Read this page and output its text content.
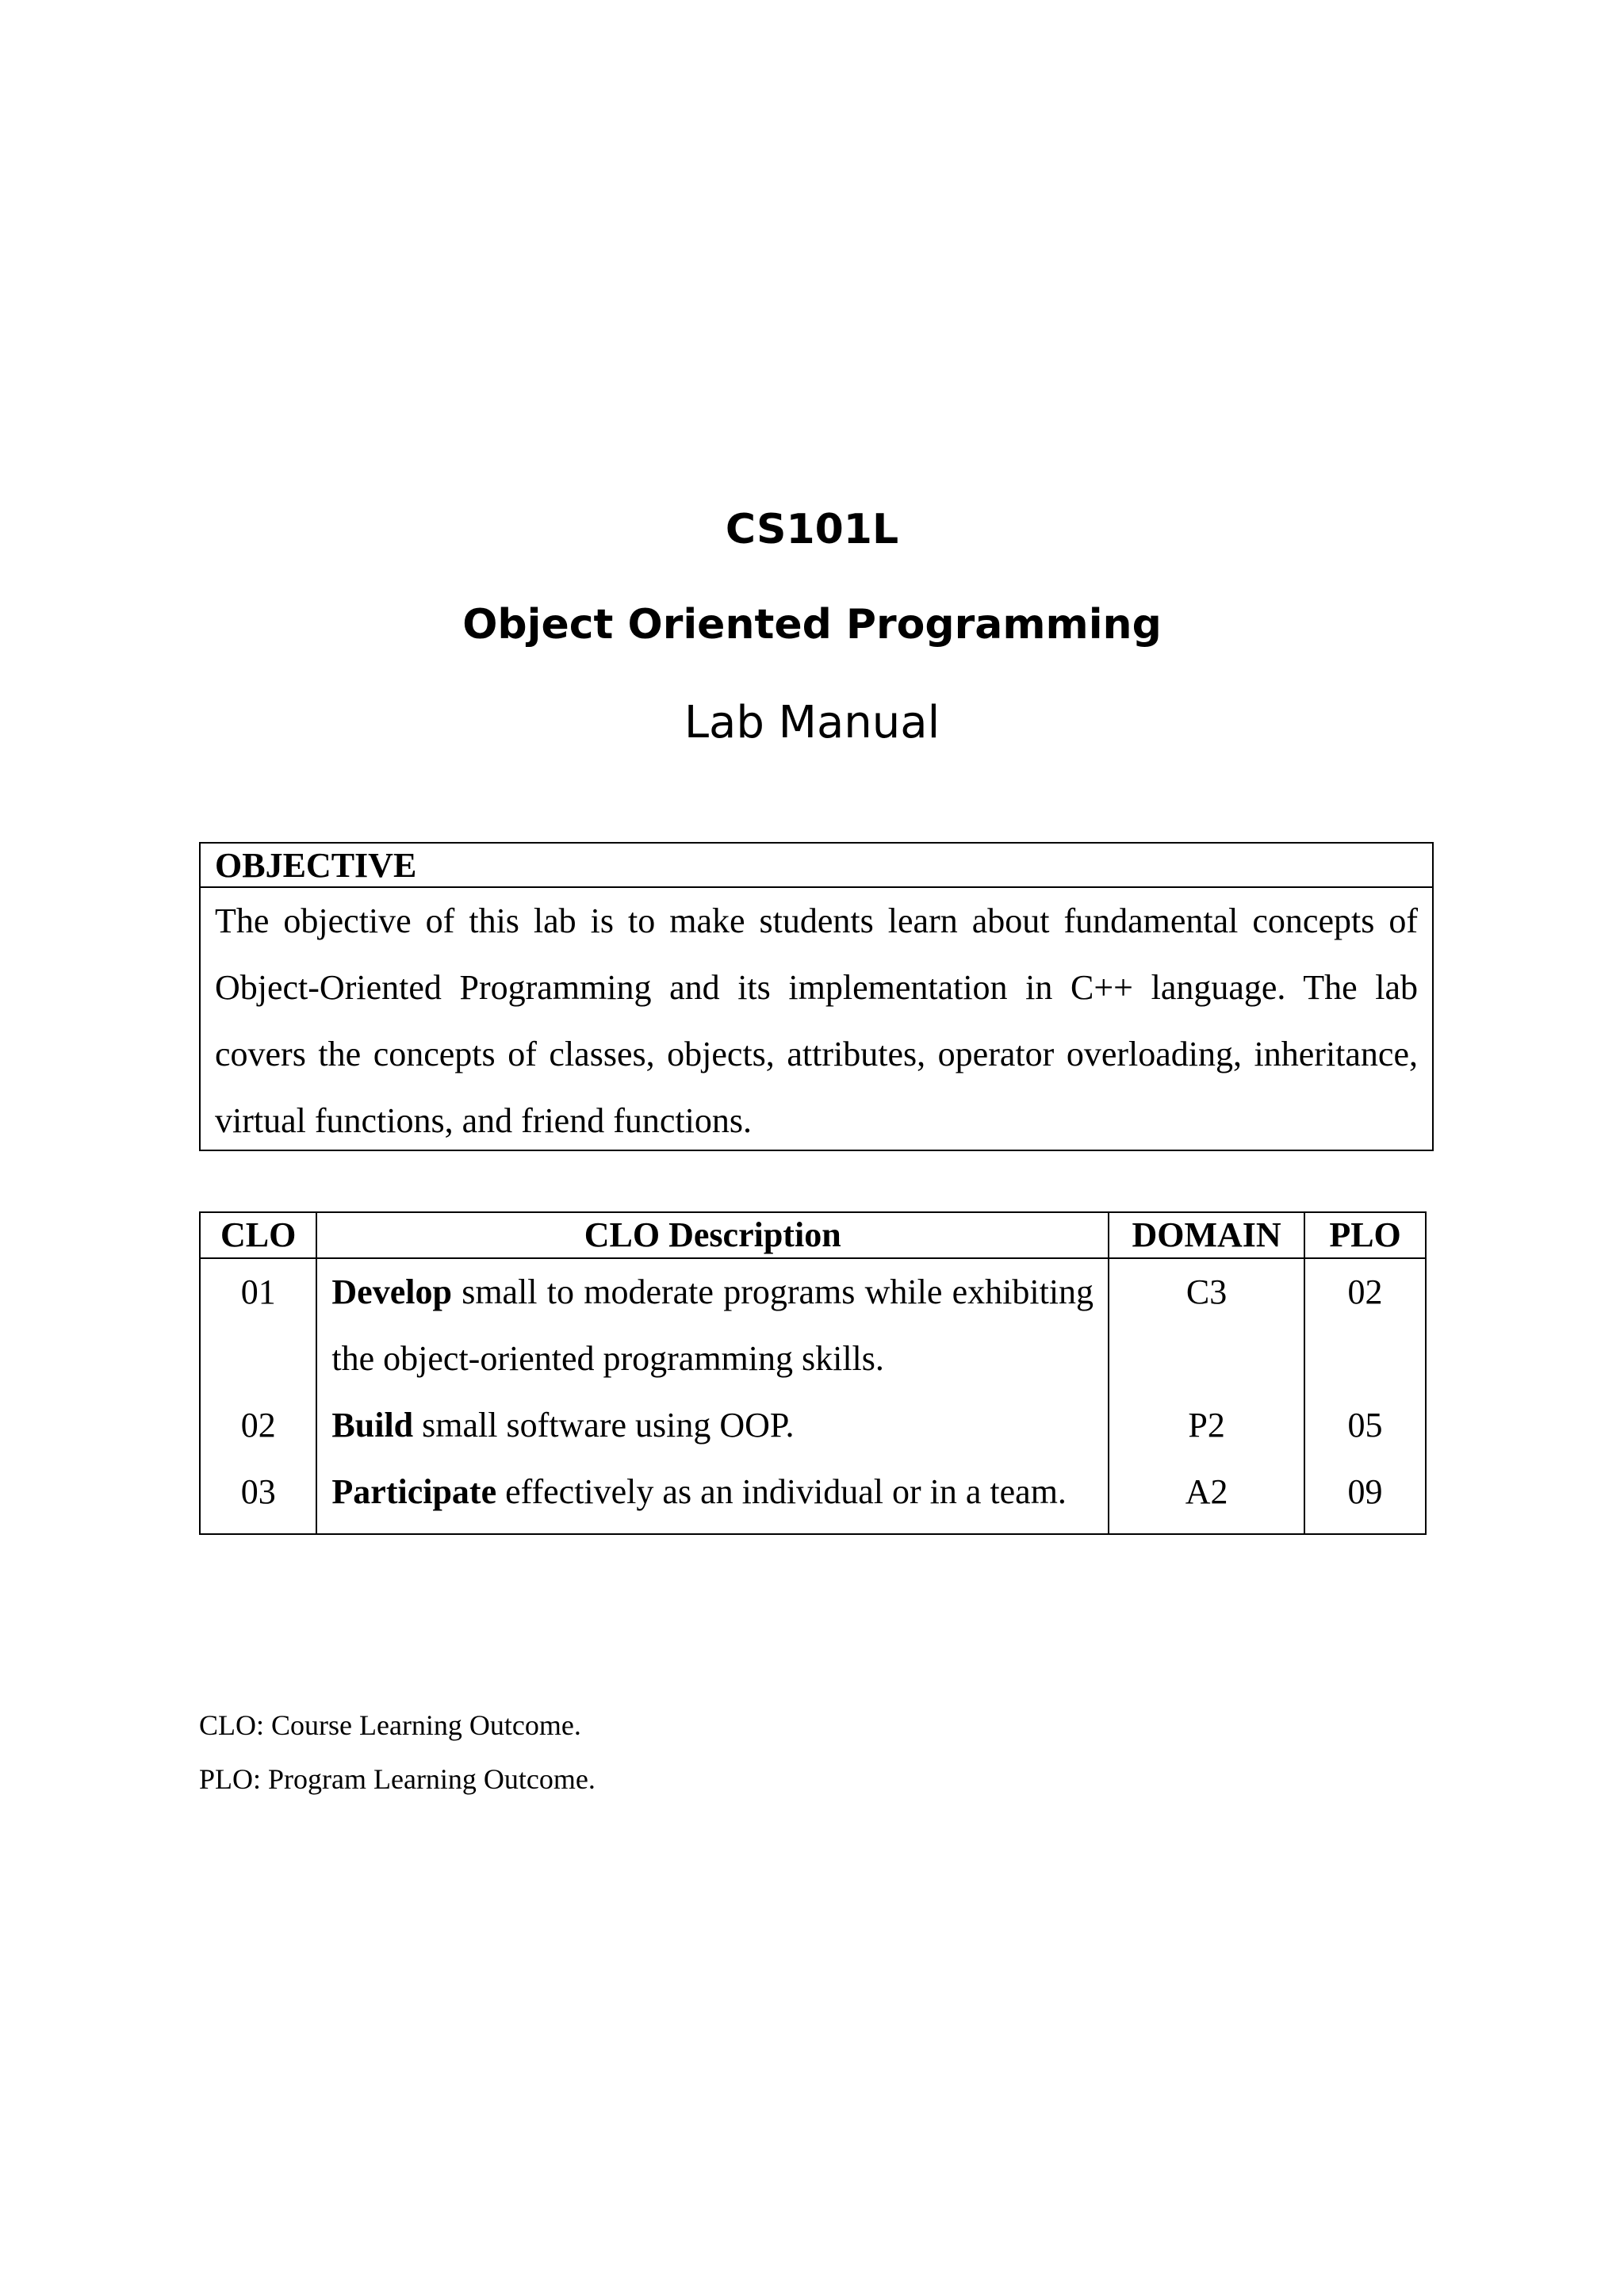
CS101L
Object Oriented Programming
Lab Manual
OBJECTIVE
The objective of this lab is to make students learn about fundamental concepts of Object-Oriented Programming and its implementation in C++ language. The lab covers the concepts of classes, objects, attributes, operator overloading, inheritance, virtual functions, and friend functions.
CLO	CLO Description	DOMAIN	PLO
01	Develop small to moderate programs while exhibiting the object-oriented programming skills.	C3	02
02	Build small software using OOP.	P2	05
03	Participate effectively as an individual or in a team.	A2	09
CLO: Course Learning Outcome.
PLO: Program Learning Outcome.
